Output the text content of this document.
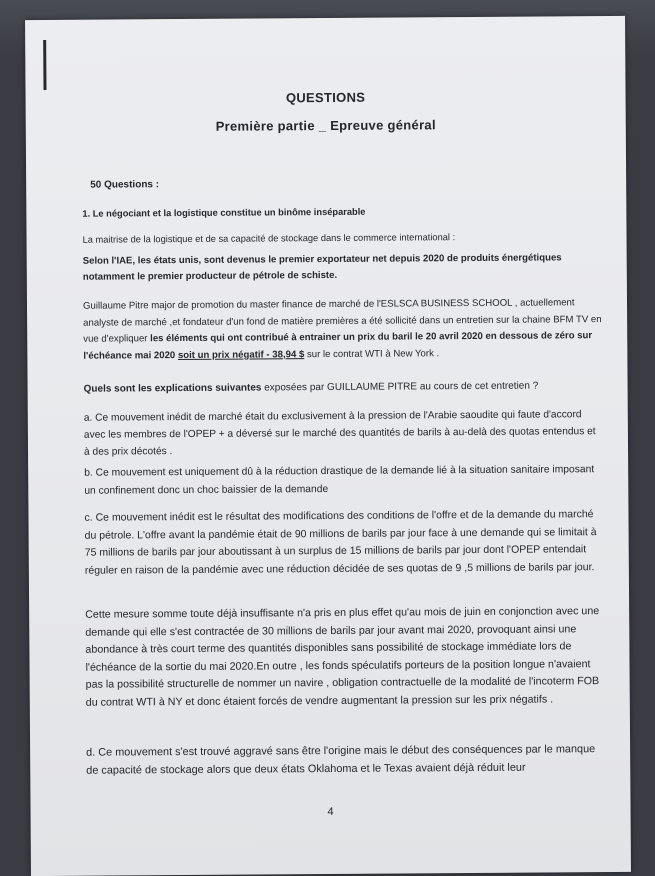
QUESTIONS
Première partie _ Epreuve général
50 Questions :
1. Le négociant et la logistique constitue un binôme inséparable
La maitrise de la logistique et de sa capacité de stockage dans le commerce international :
Selon l'IAE, les états unis, sont devenus le premier exportateur net depuis 2020 de produits énergétiques notamment le premier producteur de pétrole de schiste.
Guillaume Pitre major de promotion du master finance de marché de l'ESLSCA BUSINESS SCHOOL , actuellement analyste de marché ,et fondateur d'un fond de matière premières a été sollicité dans un entretien sur la chaine BFM TV en vue d'expliquer les éléments qui ont contribué à entrainer un prix du baril le 20 avril 2020 en dessous de zéro sur l'échéance mai 2020 soit un prix négatif - 38,94 $ sur le contrat WTI à New York .
Quels sont les explications suivantes exposées par GUILLAUME PITRE au cours de cet entretien ?
a. Ce mouvement inédit de marché était du exclusivement à la pression de l'Arabie saoudite qui faute d'accord avec les membres de l'OPEP + a déversé sur le marché des quantités de barils à au-delà des quotas entendus et à des prix décotés .
b. Ce mouvement est uniquement dû à la réduction drastique de la demande lié à la situation sanitaire imposant un confinement donc un choc baissier de la demande
c. Ce mouvement inédit est le résultat des modifications des conditions de l'offre et de la demande du marché du pétrole. L'offre avant la pandémie était de 90 millions de barils par jour face à une demande qui se limitait à 75 millions de barils par jour aboutissant à un surplus de 15 millions de barils par jour dont l'OPEP entendait réguler en raison de la pandémie avec une réduction décidée de ses quotas de 9 ,5 millions de barils par jour.
Cette mesure somme toute déjà insuffisante n'a pris en plus effet qu'au mois de juin en conjonction avec une demande qui elle s'est contractée de 30 millions de barils par jour avant mai 2020, provoquant ainsi une abondance à très court terme des quantités disponibles sans possibilité de stockage immédiate lors de l'échéance de la sortie du mai 2020.En outre , les fonds spéculatifs porteurs de la position longue n'avaient pas la possibilité structurelle de nommer un navire , obligation contractuelle de la modalité de l'incoterm FOB du contrat WTI à NY et donc étaient forcés de vendre augmentant la pression sur les prix négatifs .
d. Ce mouvement s'est trouvé aggravé sans être l'origine mais le début des conséquences par le manque de capacité de stockage alors que deux états Oklahoma et le Texas avaient déjà réduit leur
4
